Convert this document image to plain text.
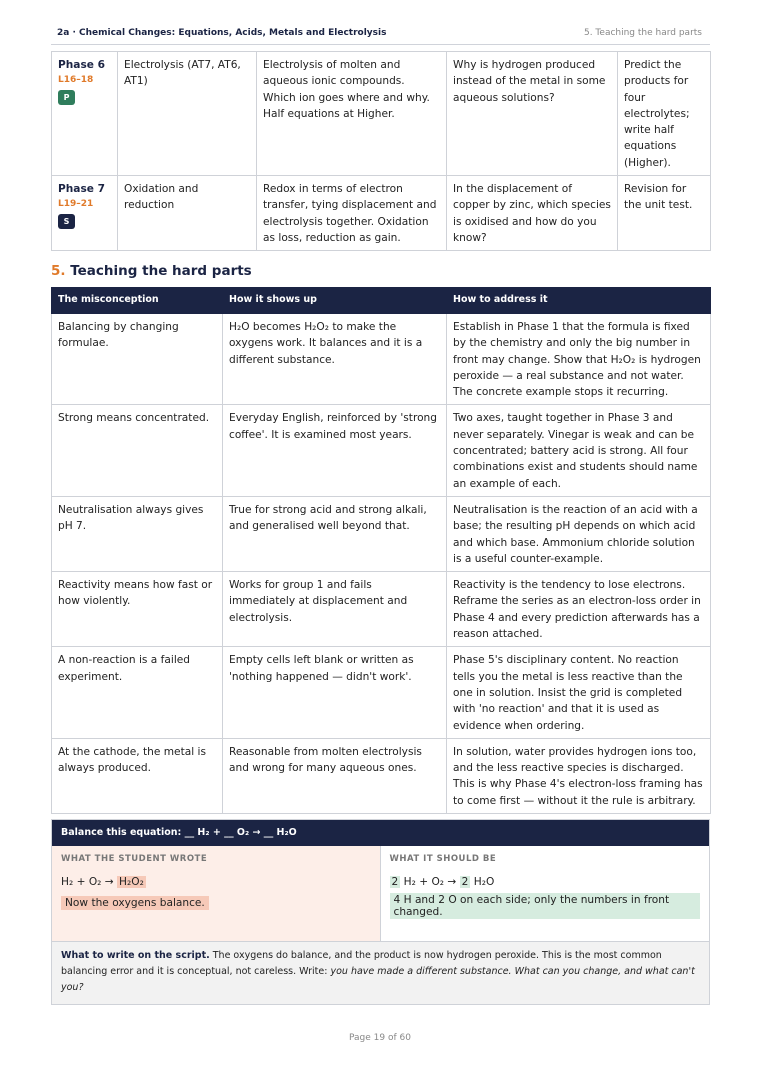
2a · Chemical Changes: Equations, Acids, Metals and Electrolysis	5. Teaching the hard parts
Phase 6
L16–18
P	Electrolysis (AT7, AT6, AT1)	Electrolysis of molten and aqueous ionic compounds. Which ion goes where and why. Half equations at Higher.	Why is hydrogen produced instead of the metal in some aqueous solutions?	Predict the products for four electrolytes; write half equations (Higher).

Phase 7
L19–21
S	Oxidation and reduction	Redox in terms of electron transfer, tying displacement and electrolysis together. Oxidation as loss, reduction as gain.	In the displacement of copper by zinc, which species is oxidised and how do you know?	Revision for the unit test.
5. Teaching the hard parts
The misconception	How it shows up	How to address it
Balancing by changing formulae.	H₂O becomes H₂O₂ to make the oxygens work. It balances and it is a different substance.	Establish in Phase 1 that the formula is fixed by the chemistry and only the big number in front may change. Show that H₂O₂ is hydrogen peroxide — a real substance and not water. The concrete example stops it recurring.
Strong means concentrated.	Everyday English, reinforced by 'strong coffee'. It is examined most years.	Two axes, taught together in Phase 3 and never separately. Vinegar is weak and can be concentrated; battery acid is strong. All four combinations exist and students should name an example of each.
Neutralisation always gives pH 7.	True for strong acid and strong alkali, and generalised well beyond that.	Neutralisation is the reaction of an acid with a base; the resulting pH depends on which acid and which base. Ammonium chloride solution is a useful counter-example.
Reactivity means how fast or how violently.	Works for group 1 and fails immediately at displacement and electrolysis.	Reactivity is the tendency to lose electrons. Reframe the series as an electron-loss order in Phase 4 and every prediction afterwards has a reason attached.
A non-reaction is a failed experiment.	Empty cells left blank or written as 'nothing happened — didn't work'.	Phase 5's disciplinary content. No reaction tells you the metal is less reactive than the one in solution. Insist the grid is completed with 'no reaction' and that it is used as evidence when ordering.
At the cathode, the metal is always produced.	Reasonable from molten electrolysis and wrong for many aqueous ones.	In solution, water provides hydrogen ions too, and the less reactive species is discharged. This is why Phase 4's electron-loss framing has to come first — without it the rule is arbitrary.
Balance this equation: __ H₂ + __ O₂ → __ H₂O
WHAT THE STUDENT WROTE
H₂ + O₂ → H₂O₂
Now the oxygens balance.
WHAT IT SHOULD BE
2 H₂ + O₂ → 2 H₂O
4 H and 2 O on each side; only the numbers in front changed.
What to write on the script. The oxygens do balance, and the product is now hydrogen peroxide. This is the most common balancing error and it is conceptual, not careless. Write: you have made a different substance. What can you change, and what can't you?
Page 19 of 60
